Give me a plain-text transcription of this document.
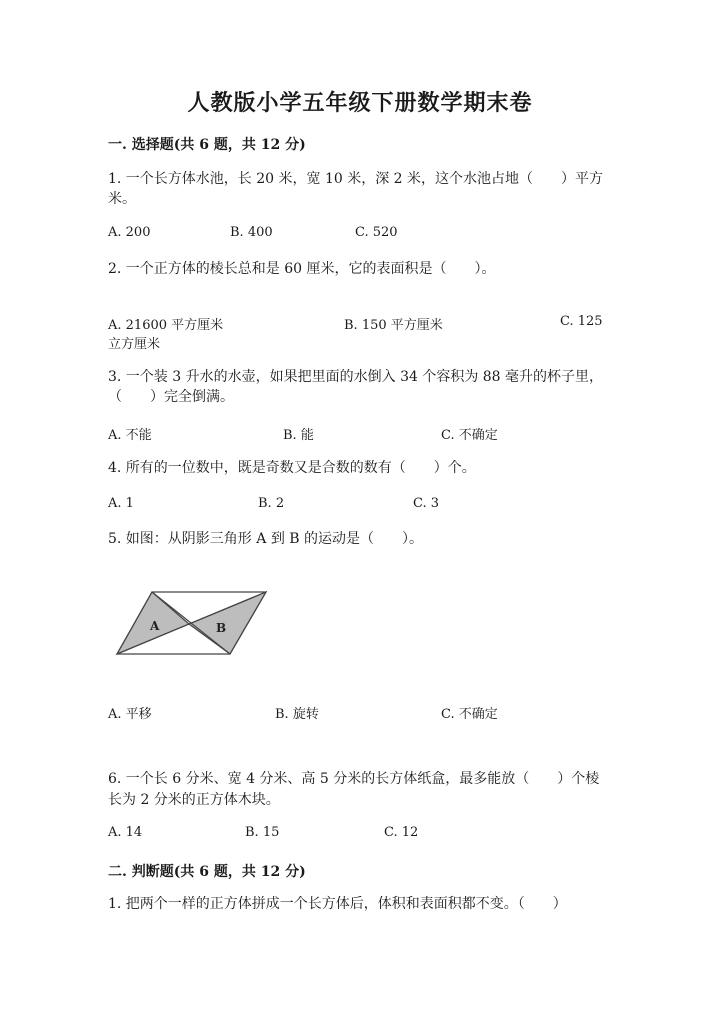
人教版小学五年级下册数学期末卷
一. 选择题(共 6 题，共 12 分)
1. 一个长方体水池，长 20 米，宽 10 米，深 2 米，这个水池占地（　　）平方
米。
A. 200	B. 400	C. 520
2. 一个正方体的棱长总和是 60 厘米，它的表面积是（　　）。
A. 21600 平方厘米	B. 150 平方厘米	C. 125
立方厘米
3. 一个装 3 升水的水壶，如果把里面的水倒入 34 个容积为 88 毫升的杯子里，
（　　）完全倒满。
A. 不能	B. 能	C. 不确定
4. 所有的一位数中，既是奇数又是合数的数有（　　）个。
A. 1	B. 2	C. 3
5. 如图：从阴影三角形 A 到 B 的运动是（　　）。
A	B
A. 平移	B. 旋转	C. 不确定
6. 一个长 6 分米、宽 4 分米、高 5 分米的长方体纸盒，最多能放（　　）个棱
长为 2 分米的正方体木块。
A. 14	B. 15	C. 12
二. 判断题(共 6 题，共 12 分)
1. 把两个一样的正方体拼成一个长方体后，体积和表面积都不变。（　　）
